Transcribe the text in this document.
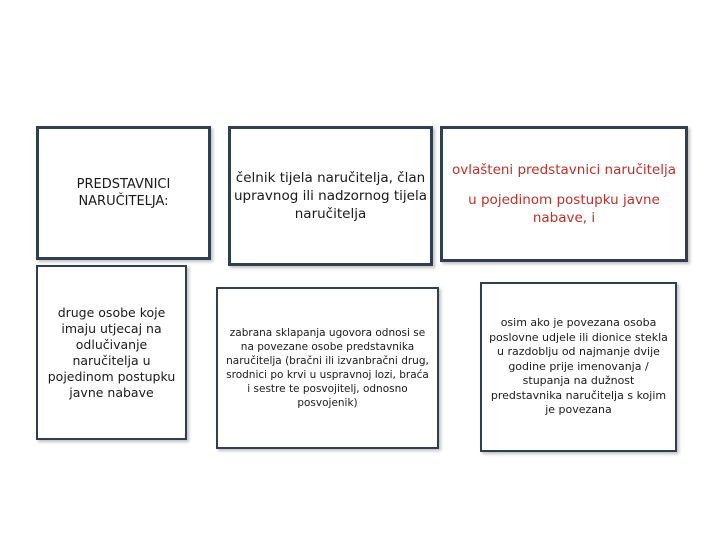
PREDSTAVNICI NARUČITELJA:
čelnik tijela naručitelja, član upravnog ili nadzornog tijela naručitelja
ovlašteni predstavnici naručitelja
u pojedinom postupku javne nabave, i
druge osobe koje imaju utjecaj na odlučivanje naručitelja u pojedinom postupku javne nabave
zabrana sklapanja ugovora odnosi se na povezane osobe predstavnika naručitelja (bračni ili izvanbračni drug, srodnici po krvi u uspravnoj lozi, braća i sestre te posvojitelj, odnosno posvojenik)
osim ako je povezana osoba poslovne udjele ili dionice stekla u razdoblju od najmanje dvije godine prije imenovanja / stupanja na dužnost predstavnika naručitelja s kojim je povezana
